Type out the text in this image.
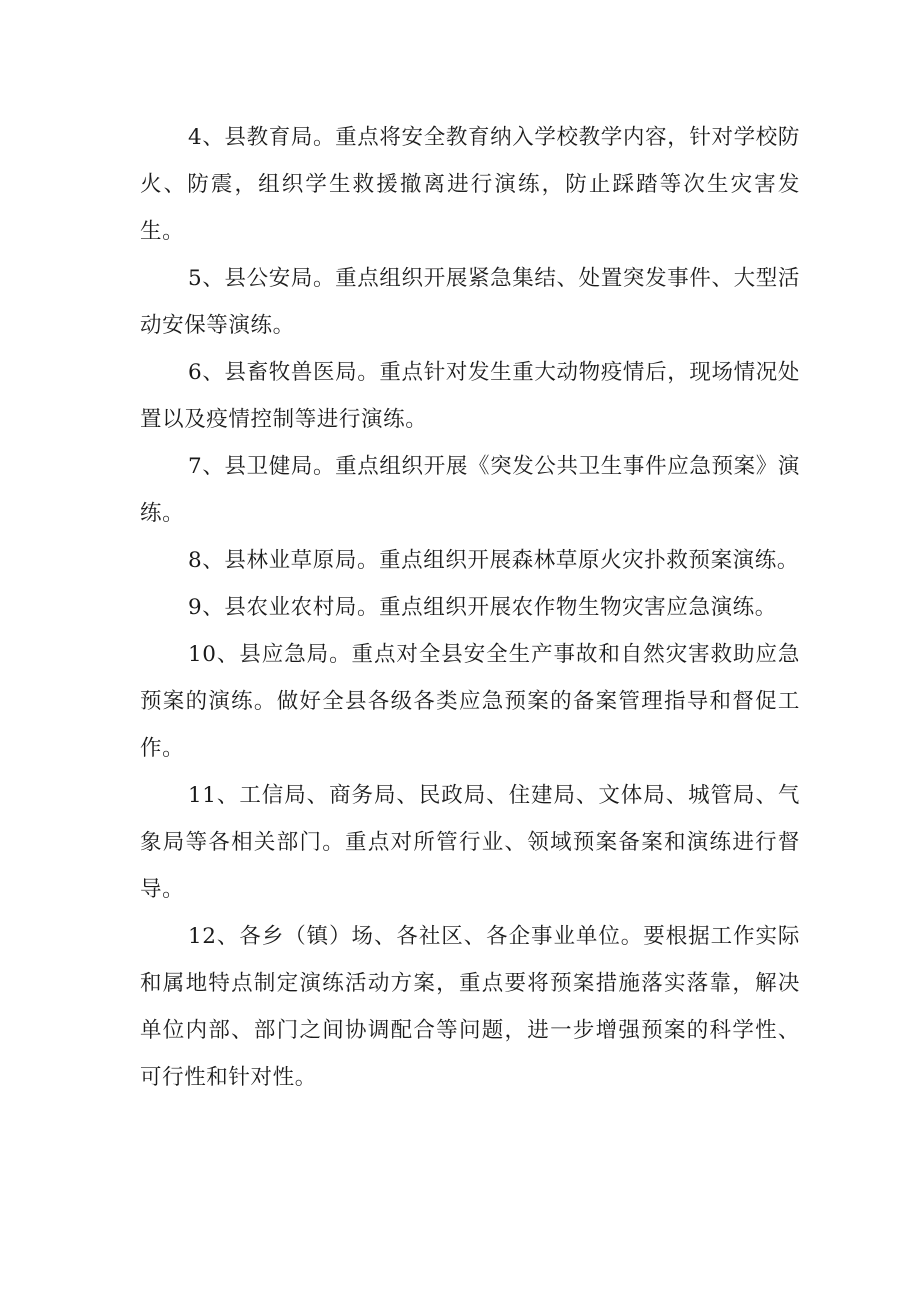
4、县教育局。重点将安全教育纳入学校教学内容，针对学校防火、防震，组织学生救援撤离进行演练，防止踩踏等次生灾害发生。

5、县公安局。重点组织开展紧急集结、处置突发事件、大型活动安保等演练。

6、县畜牧兽医局。重点针对发生重大动物疫情后，现场情况处置以及疫情控制等进行演练。

7、县卫健局。重点组织开展《突发公共卫生事件应急预案》演练。

8、县林业草原局。重点组织开展森林草原火灾扑救预案演练。

9、县农业农村局。重点组织开展农作物生物灾害应急演练。

10、县应急局。重点对全县安全生产事故和自然灾害救助应急预案的演练。做好全县各级各类应急预案的备案管理指导和督促工作。

11、工信局、商务局、民政局、住建局、文体局、城管局、气象局等各相关部门。重点对所管行业、领域预案备案和演练进行督导。

12、各乡（镇）场、各社区、各企事业单位。要根据工作实际和属地特点制定演练活动方案，重点要将预案措施落实落靠，解决单位内部、部门之间协调配合等问题，进一步增强预案的科学性、可行性和针对性。
